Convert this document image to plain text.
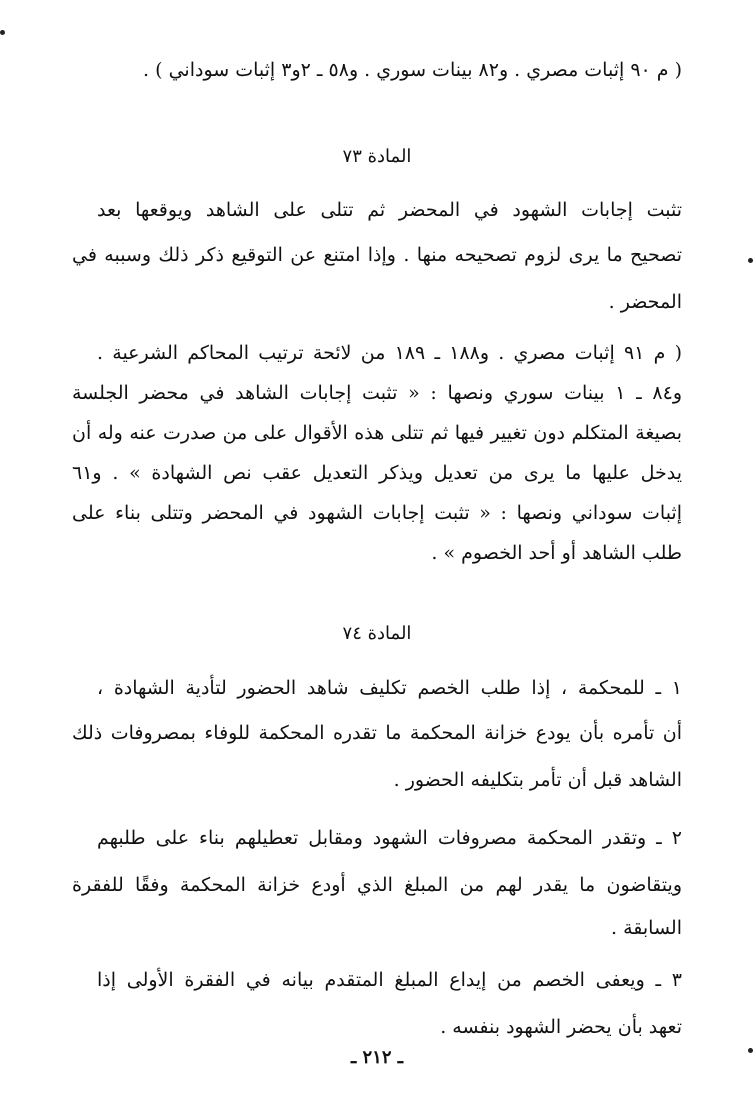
( م ٩٠ إثبات مصري . و٨٢ بينات سوري . و٥٨ ـ ٢و٣ إثبات سوداني ) .
المادة ٧٣
تثبت إجابات الشهود في المحضر ثم تتلى على الشاهد ويوقعها بعد
تصحيح ما يرى لزوم تصحيحه منها . وإذا امتنع عن التوقيع ذكر ذلك وسببه في
المحضر .
( م ٩١ إثبات مصري . و١٨٨ ـ ١٨٩ من لائحة ترتيب المحاكم الشرعية .
و٨٤ ـ ١ بينات سوري ونصها : « تثبت إجابات الشاهد في محضر الجلسة
بصيغة المتكلم دون تغيير فيها ثم تتلى هذه الأقوال على من صدرت عنه وله أن
يدخل عليها ما يرى من تعديل ويذكر التعديل عقب نص الشهادة » . و٦١
إثبات سوداني ونصها : « تثبت إجابات الشهود في المحضر وتتلى بناء على
طلب الشاهد أو أحد الخصوم » .
المادة ٧٤
١ ـ للمحكمة ، إذا طلب الخصم تكليف شاهد الحضور لتأدية الشهادة ،
أن تأمره بأن يودع خزانة المحكمة ما تقدره المحكمة للوفاء بمصروفات ذلك
الشاهد قبل أن تأمر بتكليفه الحضور .
٢ ـ وتقدر المحكمة مصروفات الشهود ومقابل تعطيلهم بناء على طلبهم
ويتقاضون ما يقدر لهم من المبلغ الذي أودع خزانة المحكمة وفقًا للفقرة
السابقة .
٣ ـ ويعفى الخصم من إيداع المبلغ المتقدم بيانه في الفقرة الأولى إذا
تعهد بأن يحضر الشهود بنفسه .
ـ ٢١٢ ـ
